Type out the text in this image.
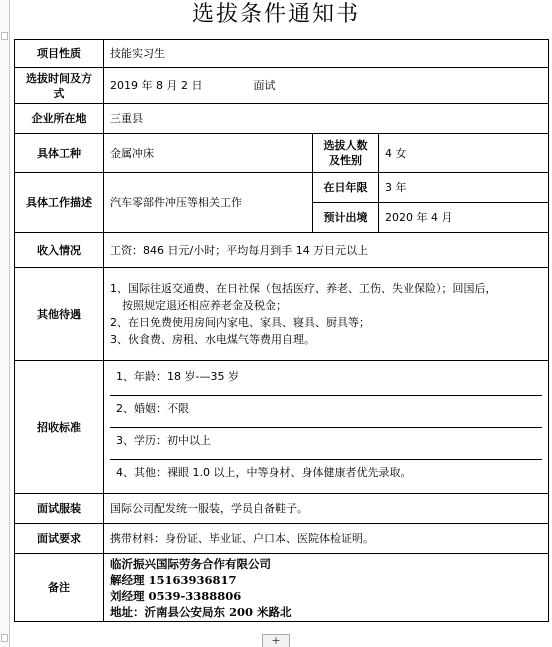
选拔条件通知书
项目性质	技能实习生		
选拔时间及方式	2019 年 8 月 2 日 面试		
企业所在地	三重县		
具体工种	金属冲床	选拔人数及性别	4 女
具体工作描述	汽车零部件冲压等相关工作	在日年限	3 年
		预计出境	2020 年 4 月
收入情况	工资：846 日元/小时；平均每月到手 14 万日元以上		
其他待遇	1、国际往返交通费、在日社保（包括医疗、养老、工伤、失业保险）；回国后，
按照规定退还相应养老金及税金；
2、在日免费使用房间内家电、家具、寝具、厨具等；
3、伙食费、房租、水电煤气等费用自理。		

招收标准	1、年龄：18 岁-—35 岁
2、婚姻：不限
3、学历：初中以上
4、其他：裸眼 1.0 以上，中等身材、身体健康者优先录取。		

面试服装	国际公司配发统一服装，学员自备鞋子。		
面试要求	携带材料：身份证、毕业证、户口本、医院体检证明。		
备注	临沂振兴国际劳务合作有限公司
解经理 15163936817
刘经理 0539-3388806
地址：沂南县公安局东 200 米路北		
+
